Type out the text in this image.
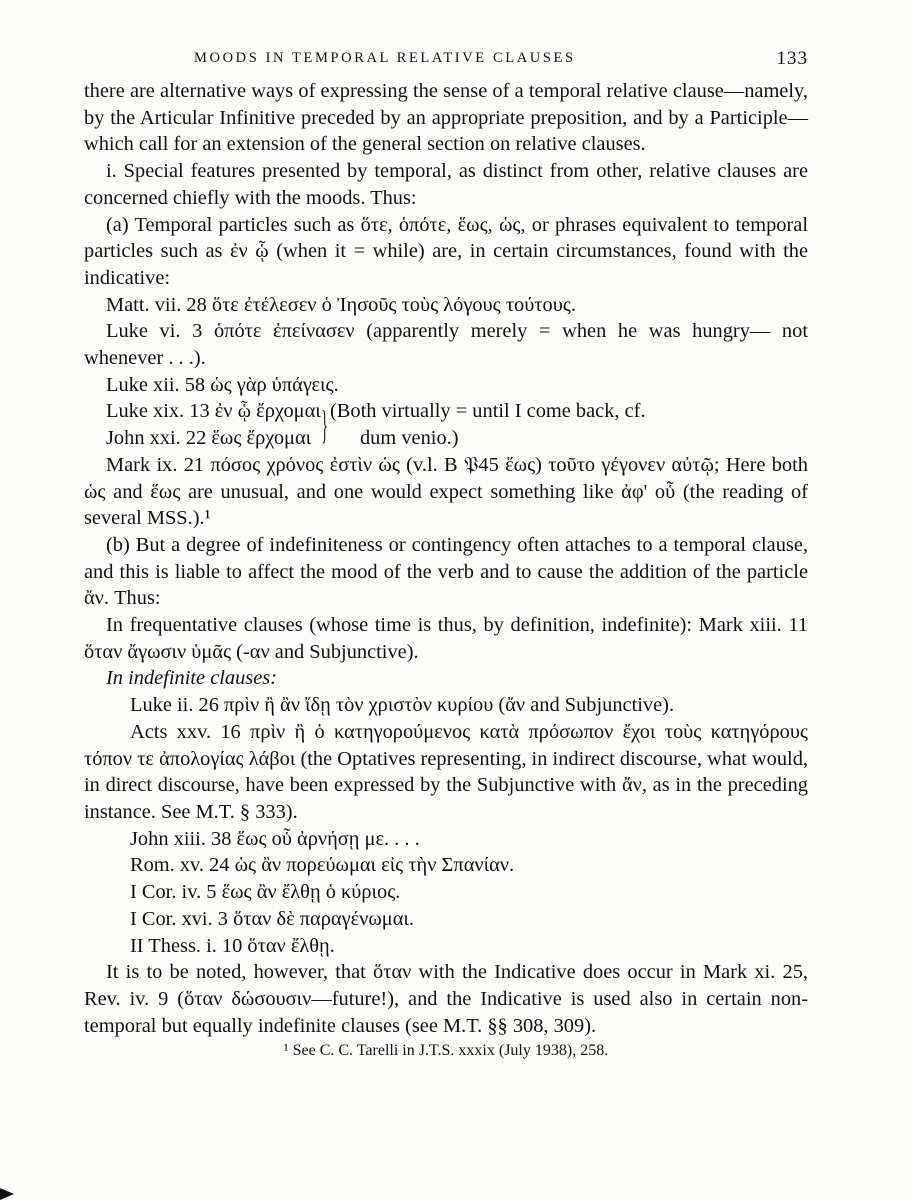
MOODS IN TEMPORAL RELATIVE CLAUSES	133

there are alternative ways of expressing the sense of a temporal relative clause—namely, by the Articular Infinitive preceded by an appropriate preposition, and by a Participle—which call for an extension of the general section on relative clauses.

i. Special features presented by temporal, as distinct from other, relative clauses are concerned chiefly with the moods. Thus:

(a) Temporal particles such as ὅτε, ὁπότε, ἕως, ὡς, or phrases equivalent to temporal particles such as ἐν ᾧ (when it = while) are, in certain circumstances, found with the indicative:

Matt. vii. 28 ὅτε ἐτέλεσεν ὁ Ἰησοῦς τοὺς λόγους τούτους.

Luke vi. 3 ὁπότε ἐπείνασεν (apparently merely = when he was hungry— not whenever . . .).

Luke xii. 58 ὡς γὰρ ὑπάγεις.

Luke xix. 13 ἐν ᾧ ἔρχομαι
John xxi. 22 ἕως ἔρχομαι } (Both virtually = until I come back, cf.
dum venio.)

Mark ix. 21 πόσος χρόνος ἐστὶν ὡς (v.l. B 𝔓45 ἕως) τοῦτο γέγονεν αὐτῷ; Here both ὡς and ἕως are unusual, and one would expect something like ἀφ' οὗ (the reading of several MSS.).¹

(b) But a degree of indefiniteness or contingency often attaches to a temporal clause, and this is liable to affect the mood of the verb and to cause the addition of the particle ἄν. Thus:

In frequentative clauses (whose time is thus, by definition, indefinite): Mark xiii. 11 ὅταν ἄγωσιν ὑμᾶς (-αν and Subjunctive).

In indefinite clauses:

Luke ii. 26 πρὶν ἢ ἂν ἴδῃ τὸν χριστὸν κυρίου (ἄν and Subjunctive).

Acts xxv. 16 πρὶν ἢ ὁ κατηγορούμενος κατὰ πρόσωπον ἔχοι τοὺς κατηγόρους τόπον τε ἀπολογίας λάβοι (the Optatives representing, in indirect discourse, what would, in direct discourse, have been expressed by the Subjunctive with ἄν, as in the preceding instance. See M.T. § 333).

John xiii. 38 ἕως οὗ ἀρνήσῃ με. . . .

Rom. xv. 24 ὡς ἂν πορεύωμαι εἰς τὴν Σπανίαν.

I Cor. iv. 5 ἕως ἂν ἔλθῃ ὁ κύριος.

I Cor. xvi. 3 ὅταν δὲ παραγένωμαι.

II Thess. i. 10 ὅταν ἔλθῃ.

It is to be noted, however, that ὅταν with the Indicative does occur in Mark xi. 25, Rev. iv. 9 (ὅταν δώσουσιν—future!), and the Indicative is used also in certain non-temporal but equally indefinite clauses (see M.T. §§ 308, 309).

¹ See C. C. Tarelli in J.T.S. xxxix (July 1938), 258.
